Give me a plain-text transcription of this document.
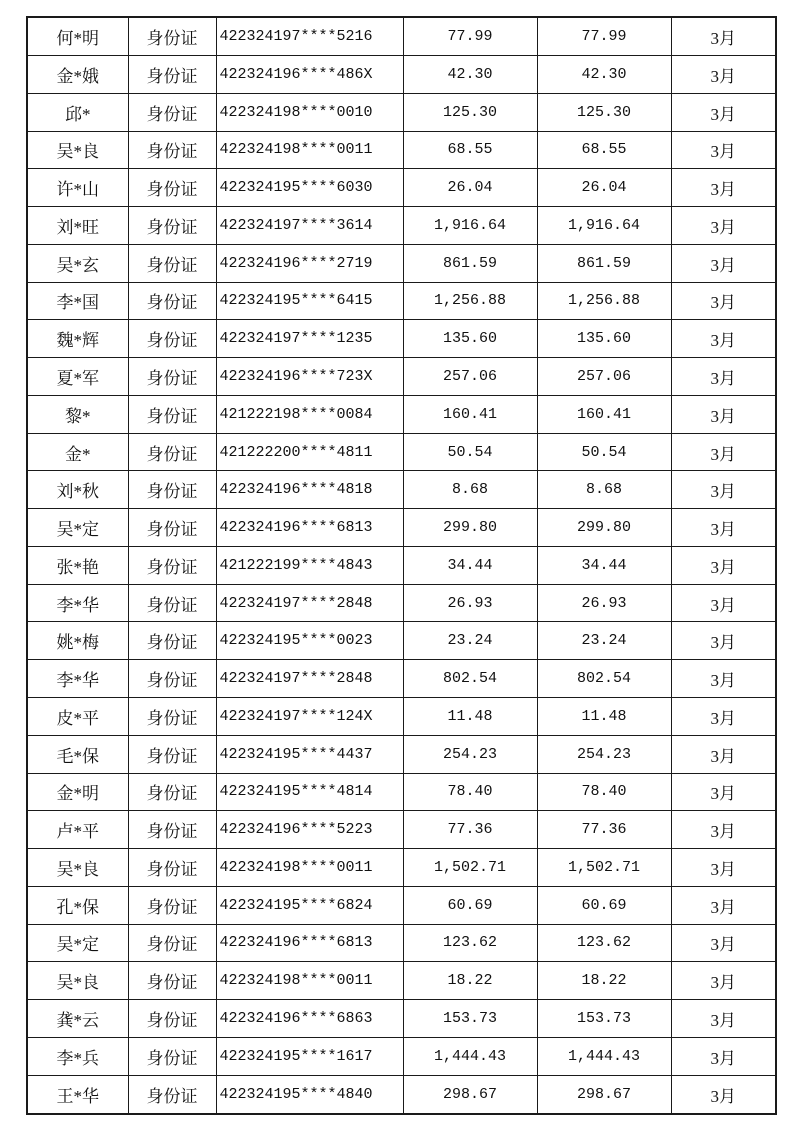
何*明	身份证	422324197****5216	77.99	77.99	3月
金*娥	身份证	422324196****486X	42.30	42.30	3月
邱*	身份证	422324198****0010	125.30	125.30	3月
吴*良	身份证	422324198****0011	68.55	68.55	3月
许*山	身份证	422324195****6030	26.04	26.04	3月
刘*旺	身份证	422324197****3614	1,916.64	1,916.64	3月
吴*玄	身份证	422324196****2719	861.59	861.59	3月
李*国	身份证	422324195****6415	1,256.88	1,256.88	3月
魏*辉	身份证	422324197****1235	135.60	135.60	3月
夏*军	身份证	422324196****723X	257.06	257.06	3月
黎*	身份证	421222198****0084	160.41	160.41	3月
金*	身份证	421222200****4811	50.54	50.54	3月
刘*秋	身份证	422324196****4818	8.68	8.68	3月
吴*定	身份证	422324196****6813	299.80	299.80	3月
张*艳	身份证	421222199****4843	34.44	34.44	3月
李*华	身份证	422324197****2848	26.93	26.93	3月
姚*梅	身份证	422324195****0023	23.24	23.24	3月
李*华	身份证	422324197****2848	802.54	802.54	3月
皮*平	身份证	422324197****124X	11.48	11.48	3月
毛*保	身份证	422324195****4437	254.23	254.23	3月
金*明	身份证	422324195****4814	78.40	78.40	3月
卢*平	身份证	422324196****5223	77.36	77.36	3月
吴*良	身份证	422324198****0011	1,502.71	1,502.71	3月
孔*保	身份证	422324195****6824	60.69	60.69	3月
吴*定	身份证	422324196****6813	123.62	123.62	3月
吴*良	身份证	422324198****0011	18.22	18.22	3月
龚*云	身份证	422324196****6863	153.73	153.73	3月
李*兵	身份证	422324195****1617	1,444.43	1,444.43	3月
王*华	身份证	422324195****4840	298.67	298.67	3月
